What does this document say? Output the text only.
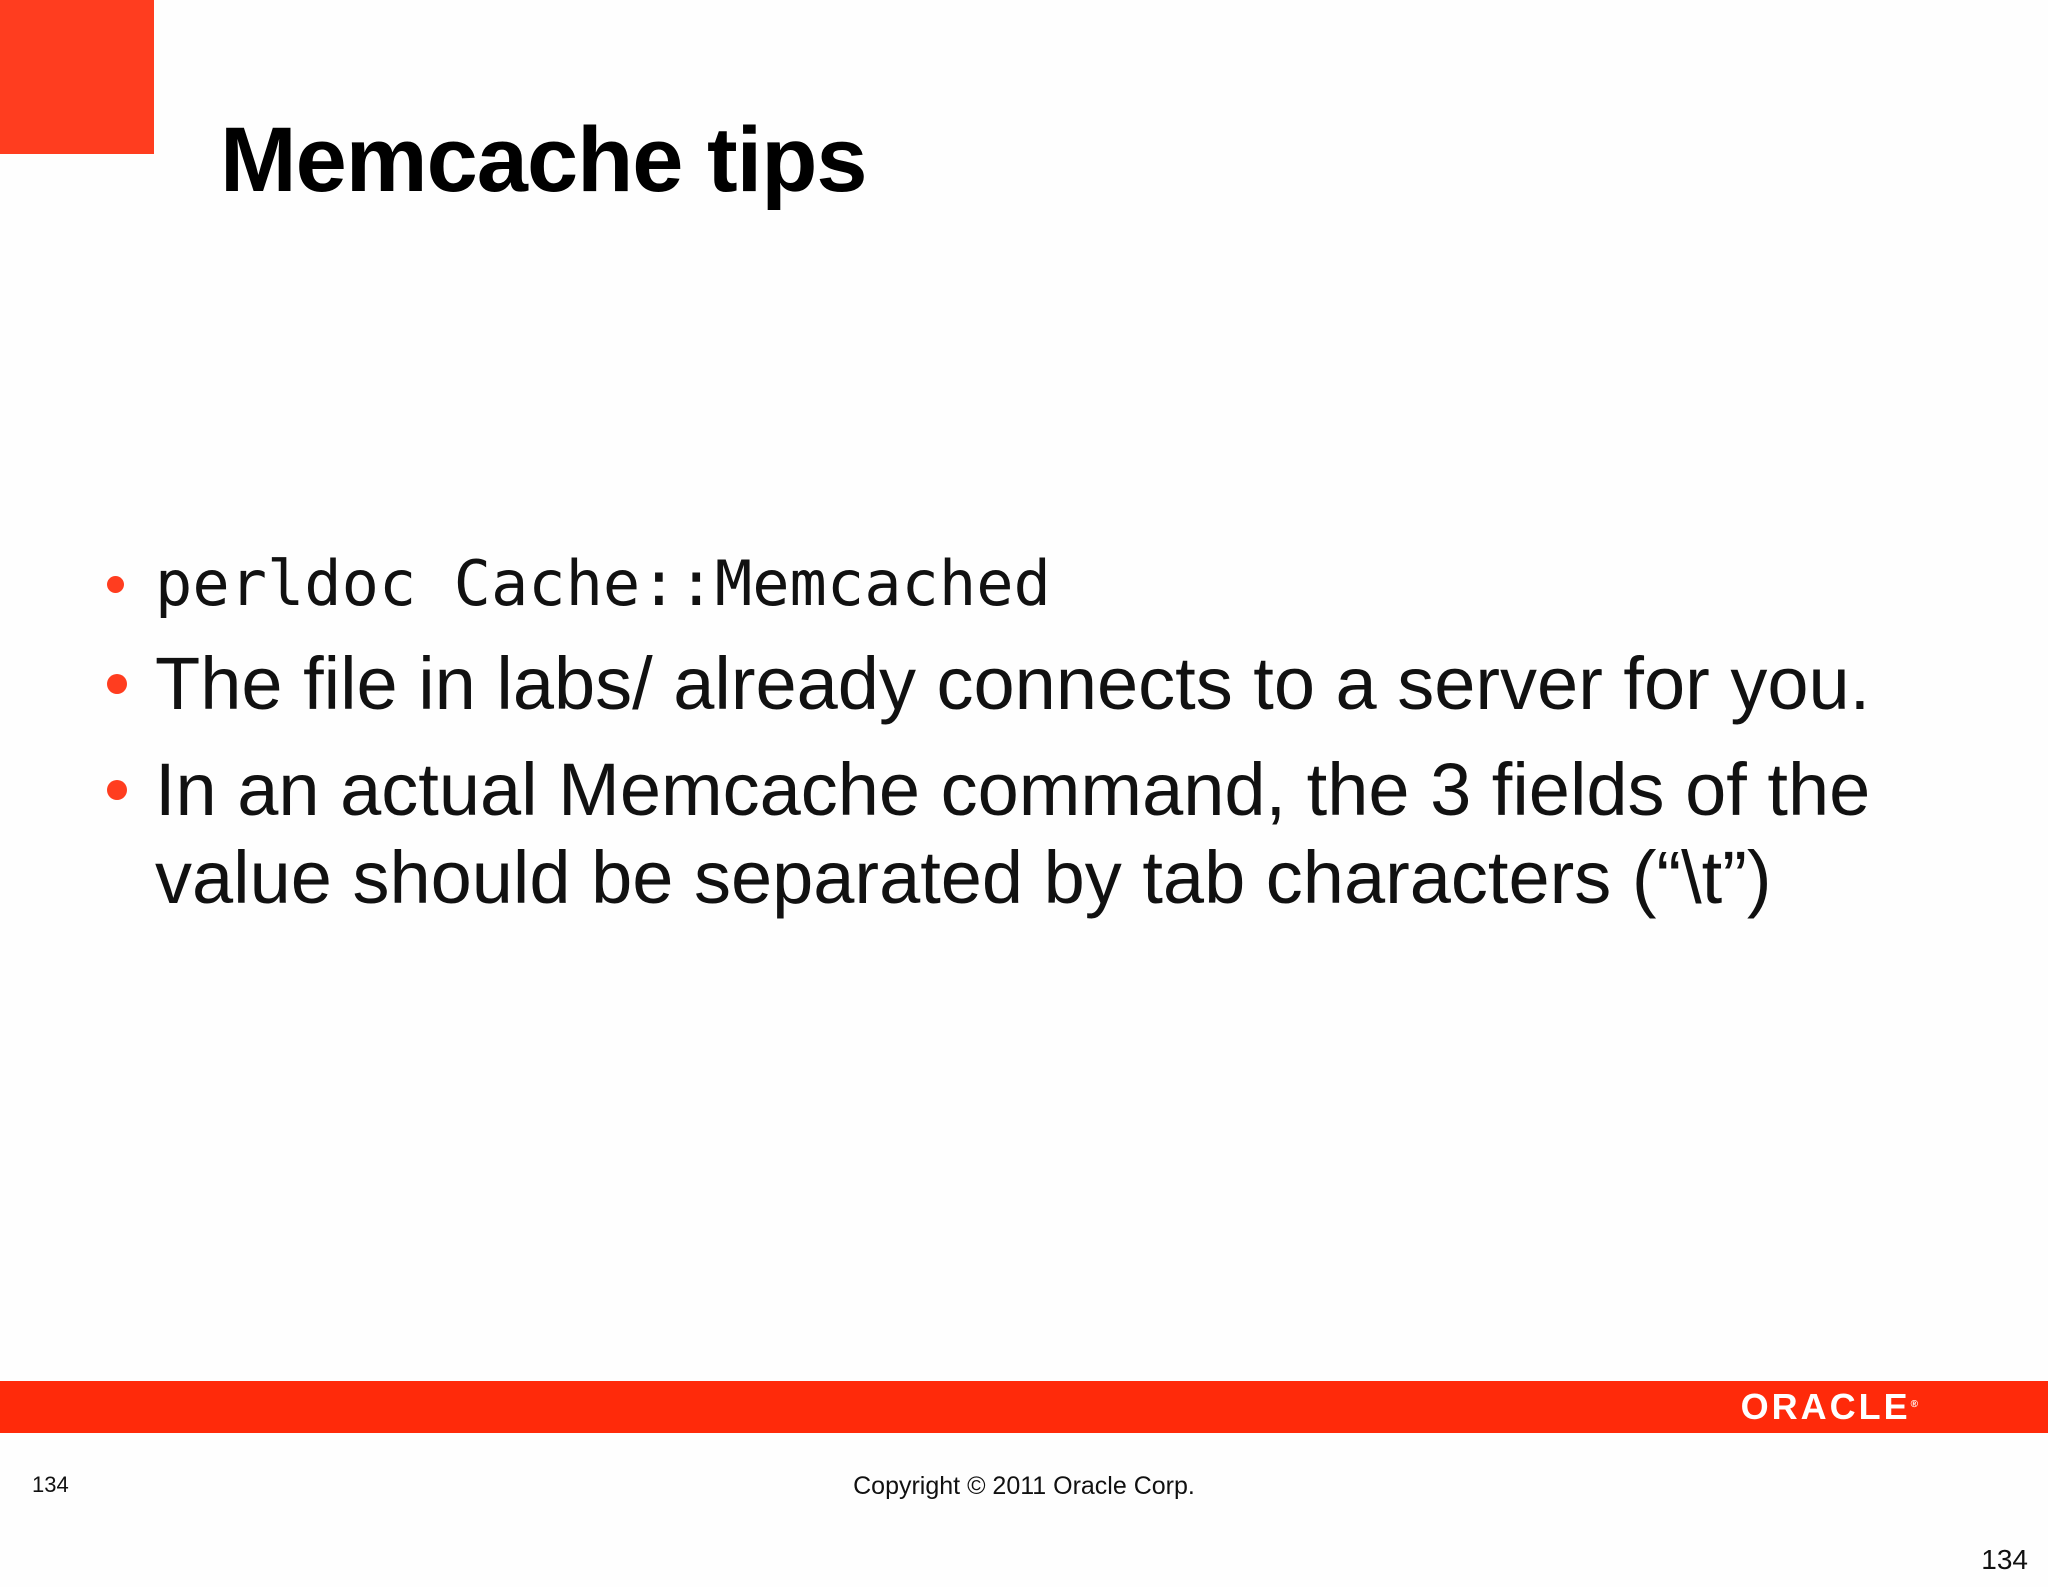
Memcache tips
perldoc Cache::Memcached
The file in labs/ already connects to a server for you.
In an actual Memcache command, the 3 fields of the value should be separated by tab characters (“\t”)
ORACLE®
134	Copyright © 2011 Oracle Corp.
134
